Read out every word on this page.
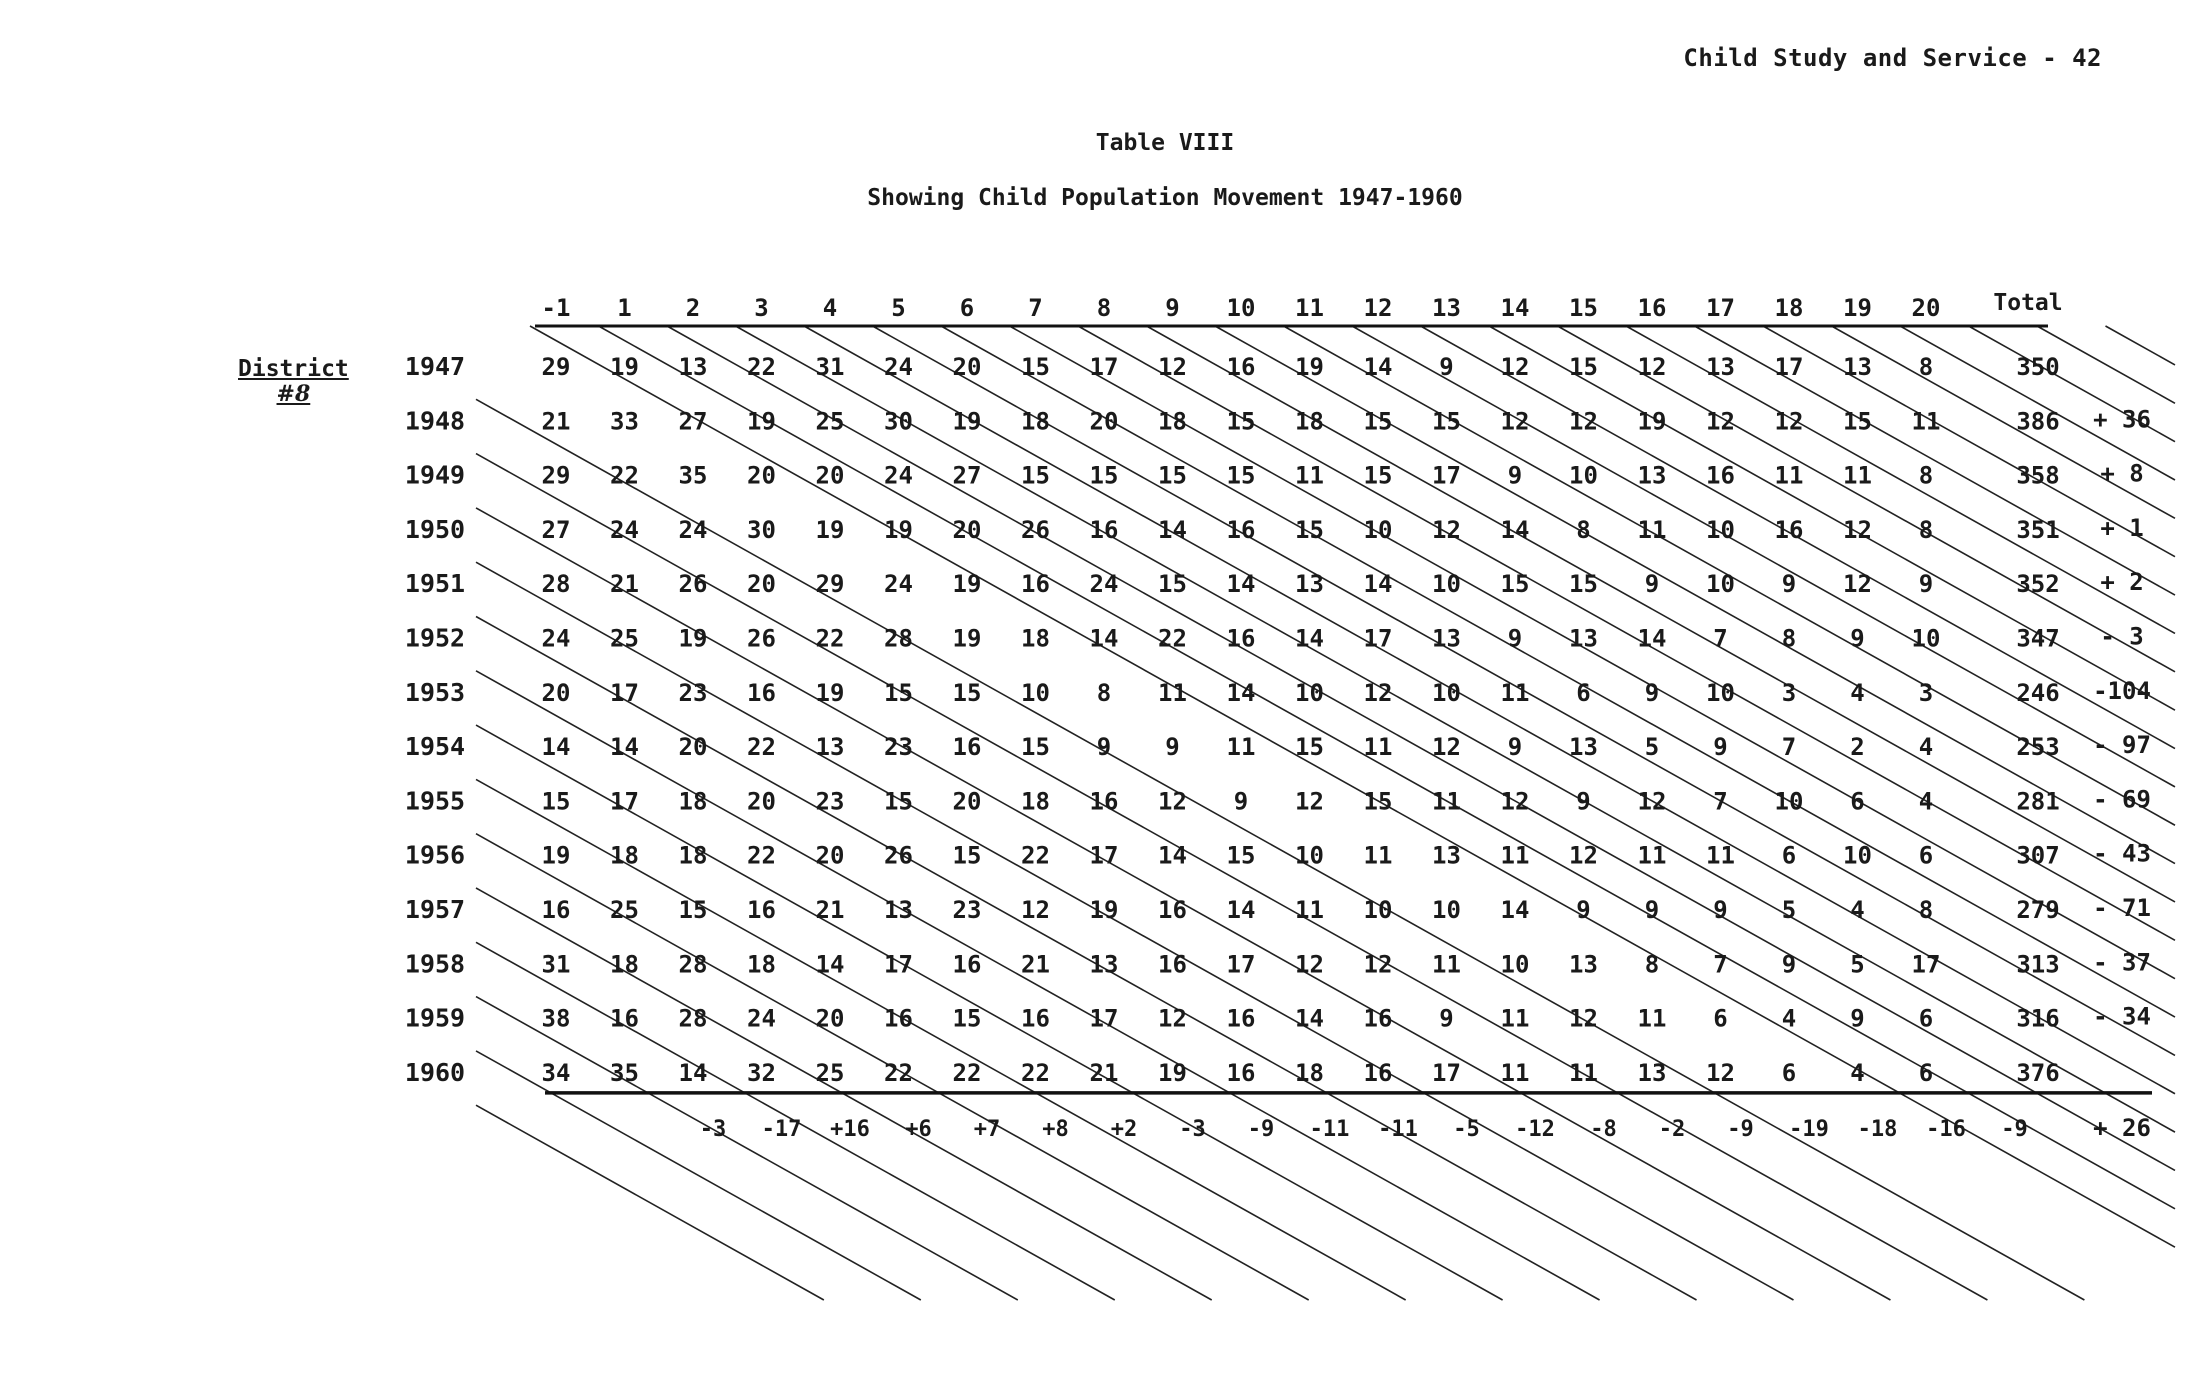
Child Study and Service - 42
Table VIII
Showing Child Population Movement 1947-1960
District
#8
-1 1 2 3 4 5 6 7 8 9 10 11 12 13 14 15 16 17 18 19 20 Total
1947	29 19 13 22 31 24 20 15 17 12 16 19 14 9 12 15 12 13 17 13 8	350
1948	21 33 27 19 25 30 19 18 20 18 15 18 15 15 12 12 19 12 12 15 11	386 + 36
1949	29 22 35 20 20 24 27 15 15 15 15 11 15 17 9 10 13 16 11 11 8	358 + 8
1950	27 24 24 30 19 19 20 26 16 14 16 15 10 12 14 8 11 10 16 12 8	351 + 1
1951	28 21 26 20 29 24 19 16 24 15 14 13 14 10 15 15 9 10 9 12 9	352 + 2
1952	24 25 19 26 22 28 19 18 14 22 16 14 17 13 9 13 14 7 8 9 10	347 - 3
1953	20 17 23 16 19 15 15 10 8 11 14 10 12 10 11 6 9 10 3 4 3	246 -104
1954	14 14 20 22 13 23 16 15 9 9 11 15 11 12 9 13 5 9 7 2 4	253 - 97
1955	15 17 18 20 23 15 20 18 16 12 9 12 15 11 12 9 12 7 10 6 4	281 - 69
1956	19 18 18 22 20 26 15 22 17 14 15 10 11 13 11 12 11 11 6 10 6	307 - 43
1957	16 25 15 16 21 13 23 12 19 16 14 11 10 10 14 9 9 9 5 4 8	279 - 71
1958	31 18 28 18 14 17 16 21 13 16 17 12 12 11 10 13 8 7 9 5 17	313 - 37
1959	38 16 28 24 20 16 15 16 17 12 16 14 16 9 11 12 11 6 4 9 6	316 - 34
1960	34 35 14 32 25 22 22 22 21 19 16 18 16 17 11 11 13 12 6 4 6	376
-3 -17 +16 +6 +7 +8 +2 -3 -9 -11 -11 -5 -12 -8 -2 -9 -19 -18 -16 -9	+ 26
